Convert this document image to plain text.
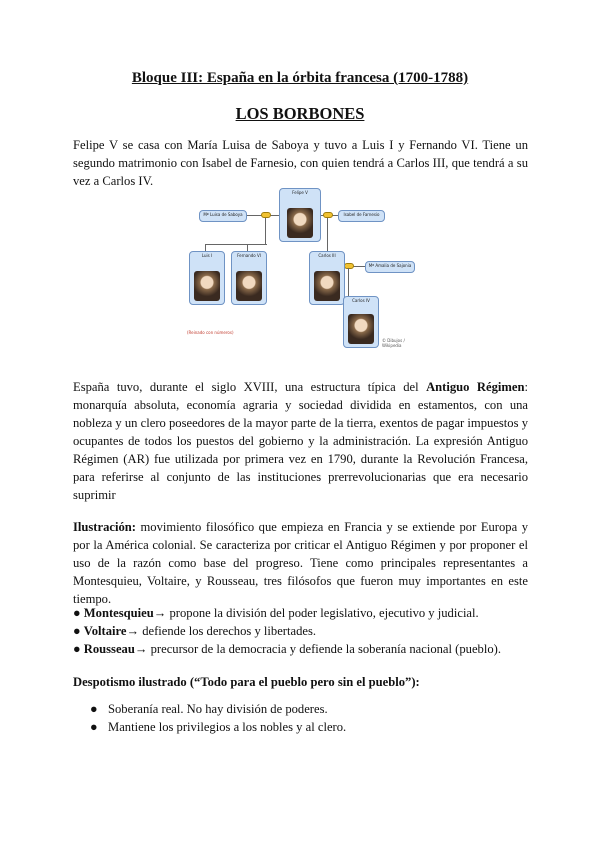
Bloque III: España en la órbita francesa (1700-1788)
LOS BORBONES
Felipe V se casa con María Luisa de Saboya y tuvo a Luis I y Fernando VI. Tiene un segundo matrimonio con Isabel de Farnesio, con quien tendrá a Carlos III, que tendrá a su vez a Carlos IV.
Mª Luisa de Saboya	Isabel de Farnesio
Mª Amalia de Sajonia
Felipe V
Luis I	Fernando VI	Carlos III
Carlos IV
(Reinado con números)
© Dibujos / Wikipedia
España tuvo, durante el siglo XVIII, una estructura típica del Antiguo Régimen: monarquía absoluta, economía agraria y sociedad dividida en estamentos, con una nobleza y un clero poseedores de la mayor parte de la tierra, exentos de pagar impuestos y ocupantes de todos los puestos del gobierno y la administración. La expresión Antiguo Régimen (AR) fue utilizada por primera vez en 1790, durante la Revolución Francesa, para referirse al conjunto de las instituciones prerrevolucionarias que era necesario suprimir
Ilustración: movimiento filosófico que empieza en Francia y se extiende por Europa y por la América colonial. Se caracteriza por criticar el Antiguo Régimen y por proponer el uso de la razón como base del progreso. Tiene como principales representantes a Montesquieu, Voltaire, y Rousseau, tres filósofos que fueron muy importantes en este tiempo.
● Montesquieu→ propone la división del poder legislativo, ejecutivo y judicial.
● Voltaire→ defiende los derechos y libertades.
● Rousseau→ precursor de la democracia y defiende la soberanía nacional (pueblo).
Despotismo ilustrado (“Todo para el pueblo pero sin el pueblo”):
● Soberanía real. No hay división de poderes.
● Mantiene los privilegios a los nobles y al clero.
